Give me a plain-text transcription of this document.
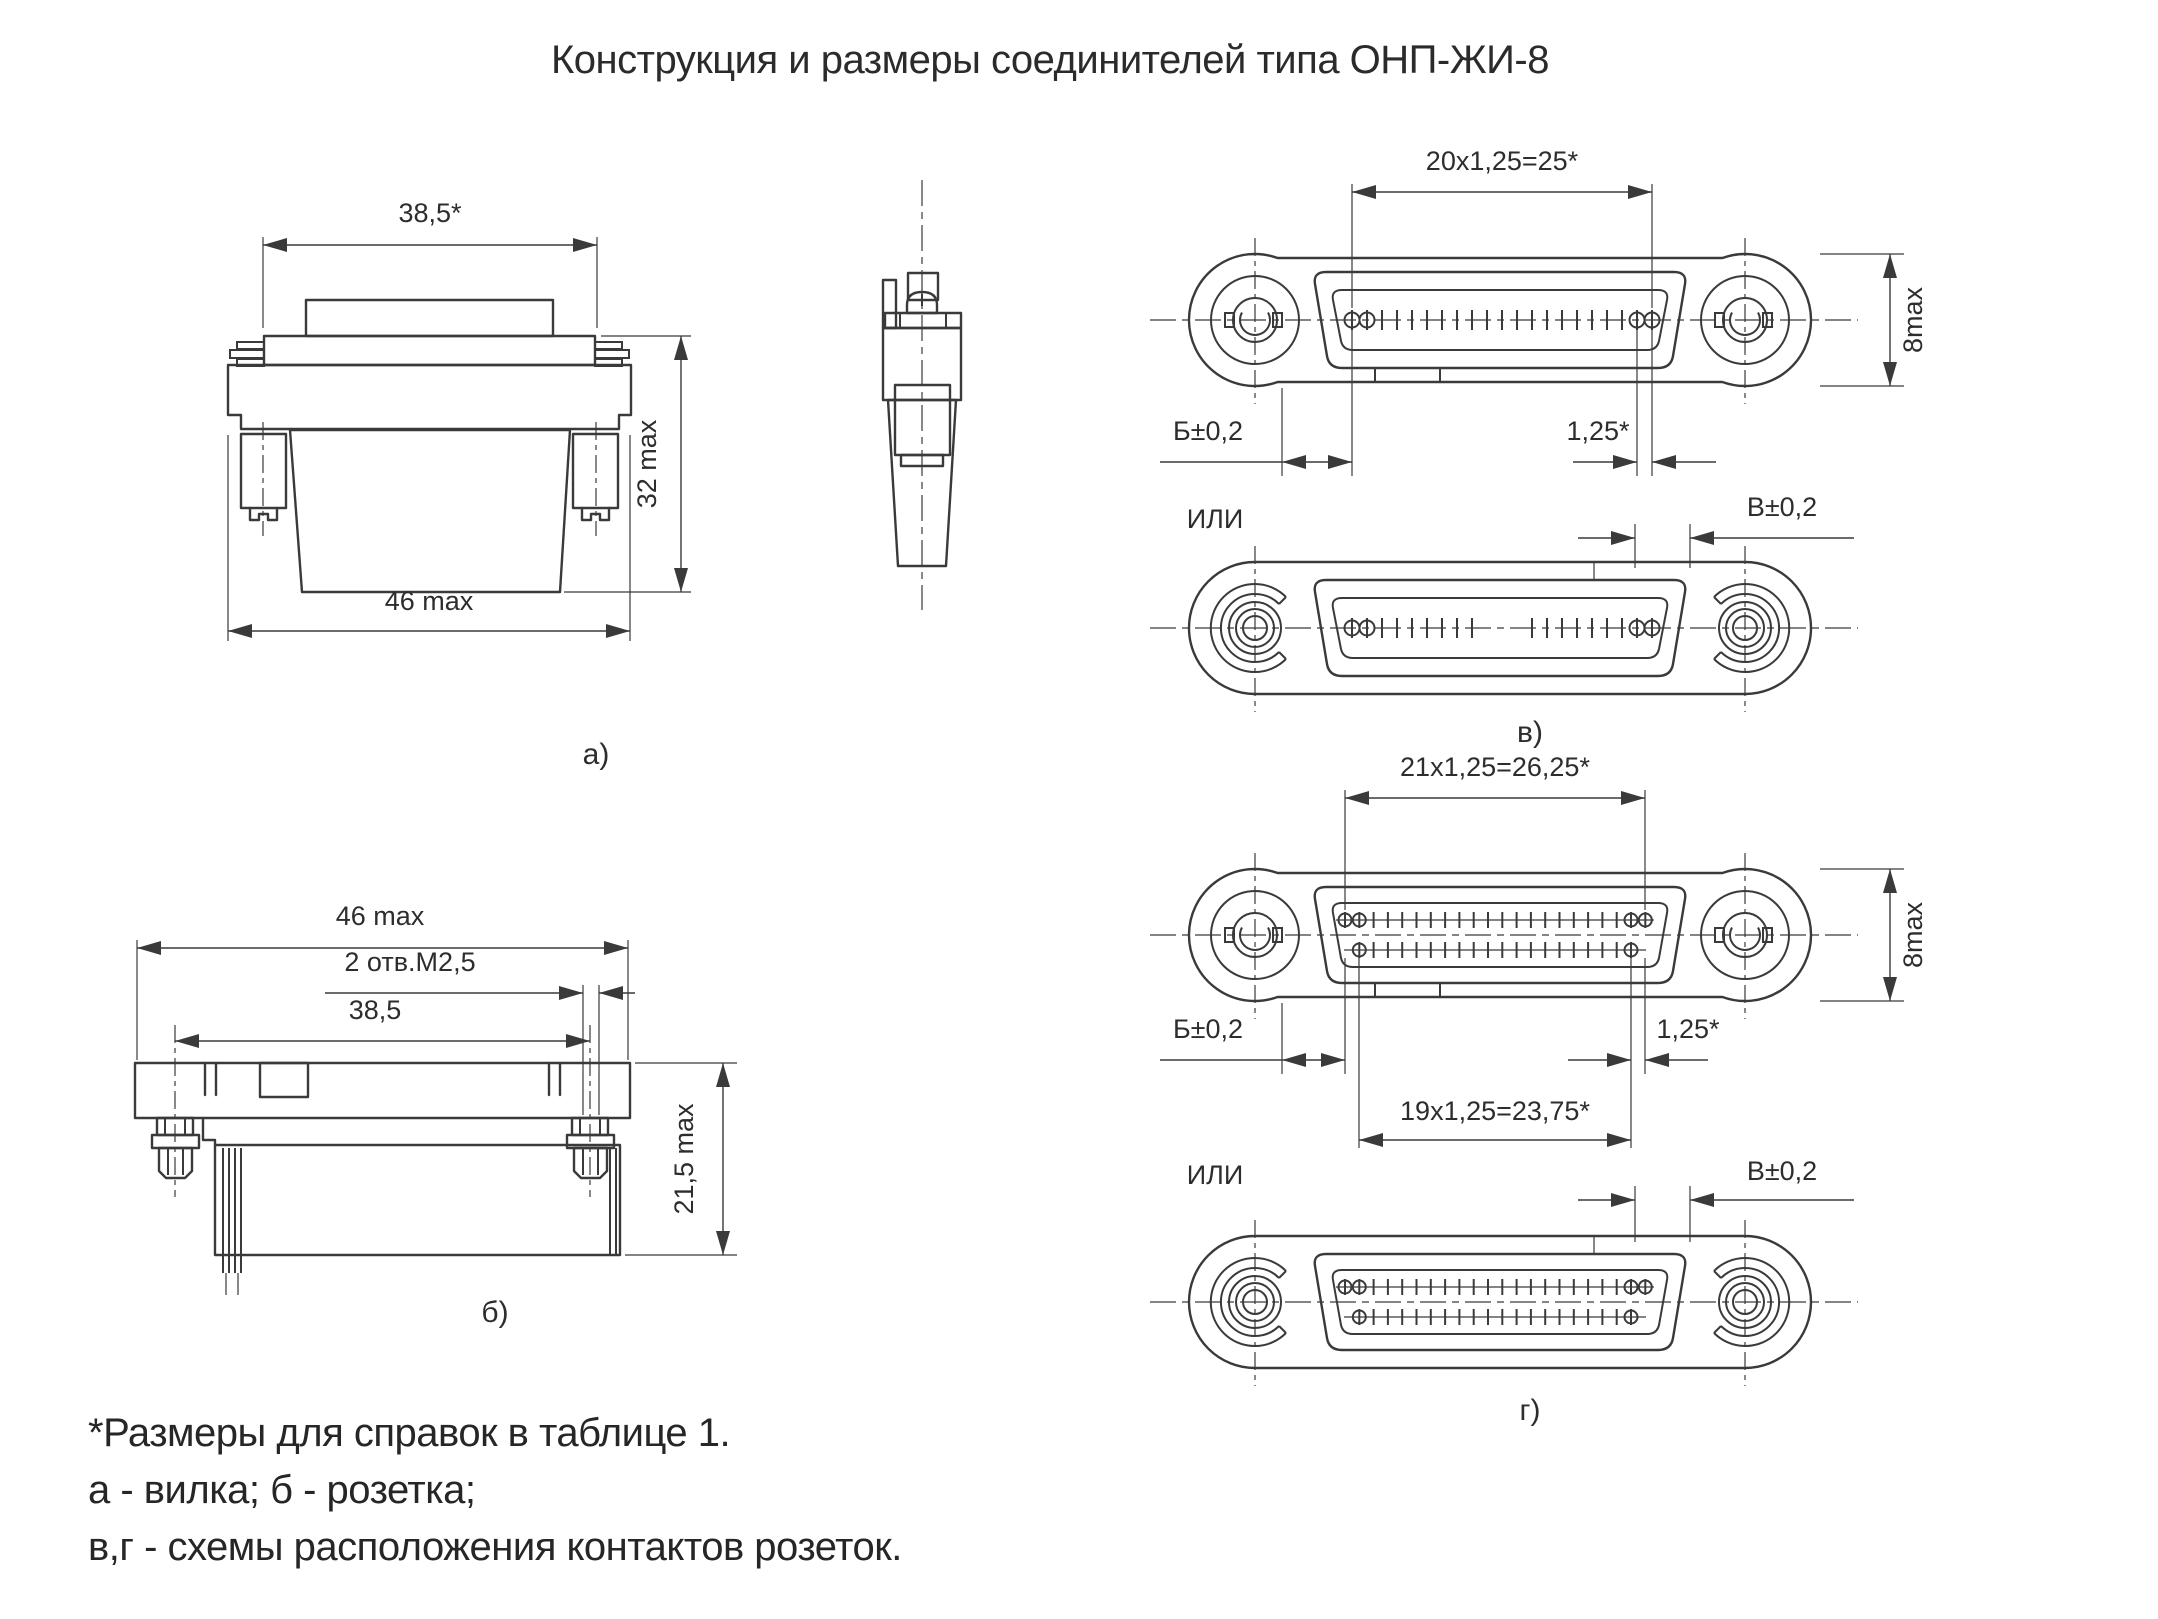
Конструкция и размеры соединителей типа ОНП-ЖИ-8
38,5*
32 max
46 max
а)
20x1,25=25*
8max
Б±0,2	1,25*
ИЛИ	В±0,2
в)
21x1,25=26,25*
8max
Б±0,2	1,25*
19x1,25=23,75*
ИЛИ	В±0,2
г)
46 max
2 отв.М2,5
38,5
21,5 max
б)
*Размеры для справок в таблице 1.
а - вилка; б - розетка;
в,г - схемы расположения контактов розеток.
